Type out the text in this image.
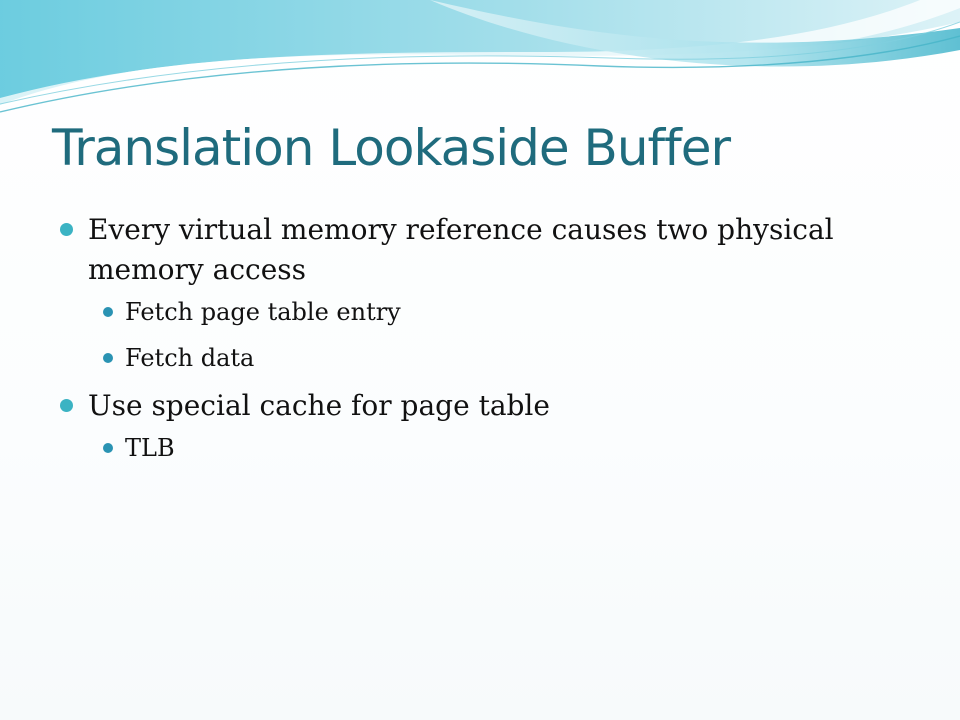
Translation Lookaside Buffer
Every virtual memory reference causes two physical memory access
Fetch page table entry
Fetch data
Use special cache for page table
TLB
